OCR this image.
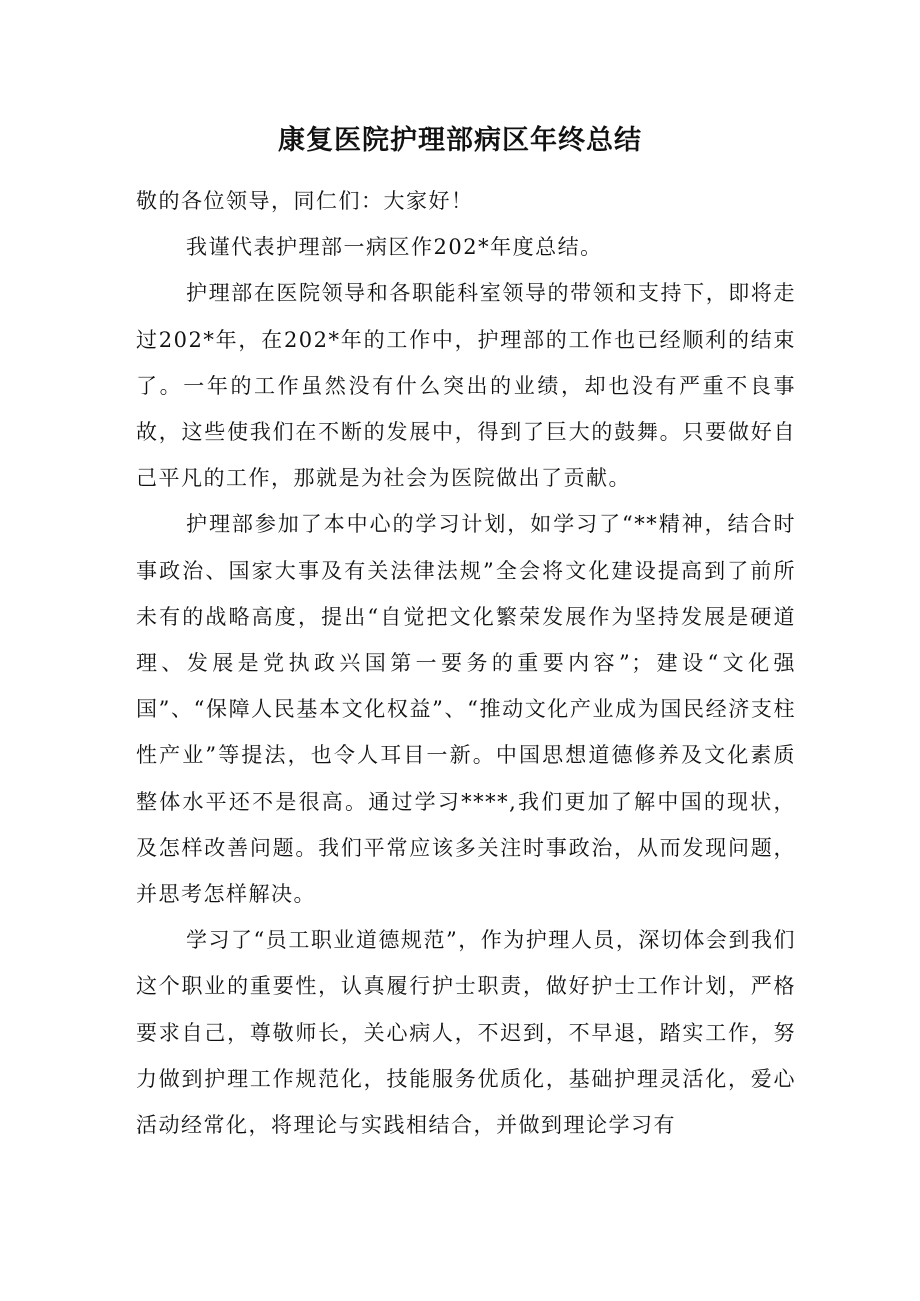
康复医院护理部病区年终总结

敬的各位领导，同仁们：大家好！

我谨代表护理部一病区作202*年度总结。

护理部在医院领导和各职能科室领导的带领和支持下，即将走过202*年，在202*年的工作中，护理部的工作也已经顺利的结束了。一年的工作虽然没有什么突出的业绩，却也没有严重不良事故，这些使我们在不断的发展中，得到了巨大的鼓舞。只要做好自己平凡的工作，那就是为社会为医院做出了贡献。

护理部参加了本中心的学习计划，如学习了“**精神，结合时事政治、国家大事及有关法律法规”全会将文化建设提高到了前所未有的战略高度，提出“自觉把文化繁荣发展作为坚持发展是硬道理、发展是党执政兴国第一要务的重要内容”；建设“文化强国”、“保障人民基本文化权益”、“推动文化产业成为国民经济支柱性产业”等提法，也令人耳目一新。中国思想道德修养及文化素质整体水平还不是很高。通过学习****,我们更加了解中国的现状，及怎样改善问题。我们平常应该多关注时事政治，从而发现问题，并思考怎样解决。

学习了“员工职业道德规范”，作为护理人员，深切体会到我们这个职业的重要性，认真履行护士职责，做好护士工作计划，严格要求自己，尊敬师长，关心病人，不迟到，不早退，踏实工作，努力做到护理工作规范化，技能服务优质化，基础护理灵活化，爱心活动经常化，将理论与实践相结合，并做到理论学习有
